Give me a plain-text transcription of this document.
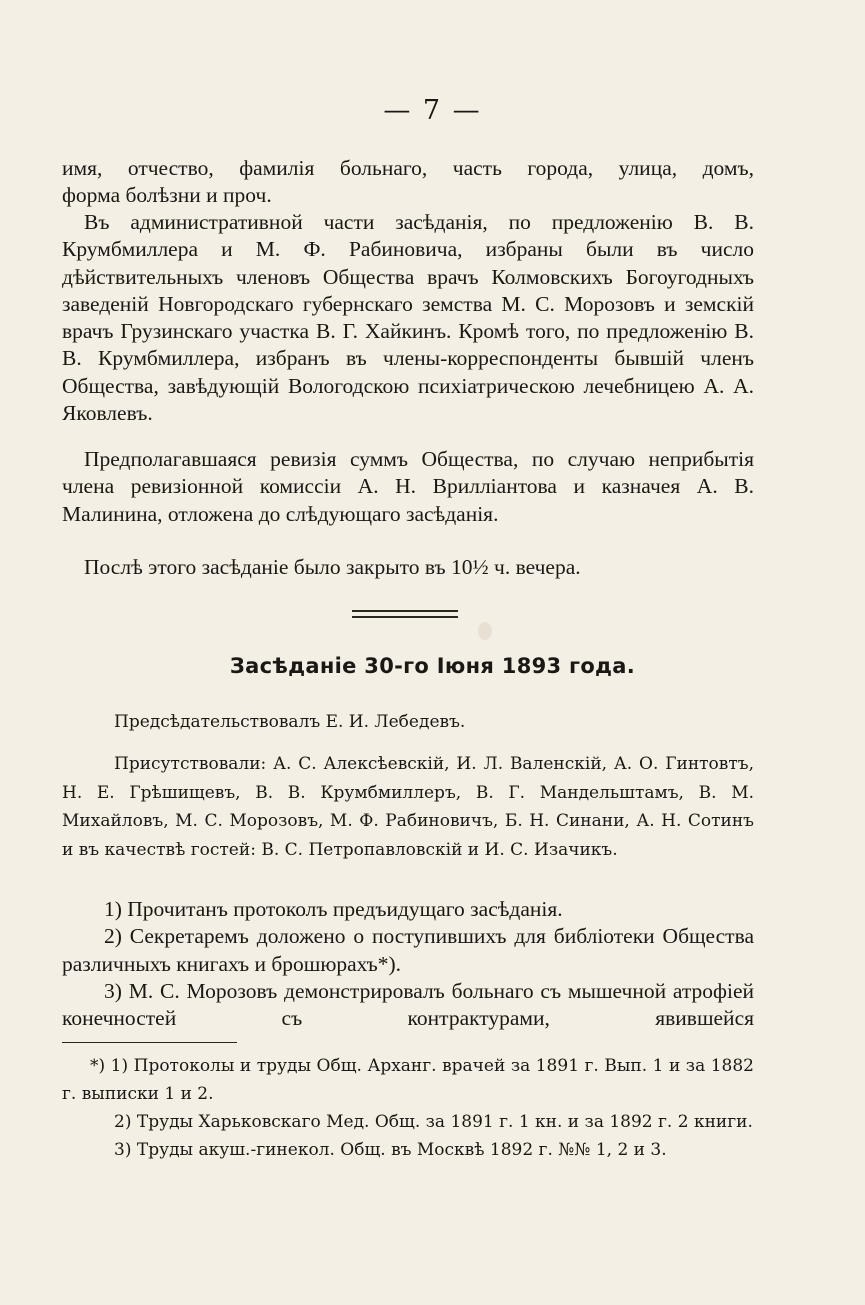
— 7 —

имя, отчество, фамилія больнаго, часть города, улица, домъ,

форма болѣзни и проч.

Въ административной части засѣданія, по предложенію В. В. Крумбмиллера и М. Ф. Рабиновича, избраны были въ число дѣйствительныхъ членовъ Общества врачъ Колмовскихъ Богоугодныхъ заведеній Новгородскаго губернскаго земства М. С. Морозовъ и земскій врачъ Грузинскаго участка В. Г. Хайкинъ. Кромѣ того, по предложенію В. В. Крумбмиллера, избранъ въ члены-корреспонденты бывшій членъ Общества, завѣдующій Вологодскою психіатрическою лечебницею А. А. Яковлевъ.

Предполагавшаяся ревизія суммъ Общества, по случаю неприбытія члена ревизіонной комиссіи А. Н. Врилліантова и казначея А. В. Малинина, отложена до слѣдующаго засѣданія.

Послѣ этого засѣданіе было закрыто въ 10½ ч. вечера.

Засѣданіе 30-го Іюня 1893 года.

Предсѣдательствовалъ Е. И. Лебедевъ.

Присутствовали: А. С. Алексѣевскій, И. Л. Валенскій, А. О. Гинтовтъ, Н. Е. Грѣшищевъ, В. В. Крумбмиллеръ, В. Г. Мандельштамъ, В. М. Михайловъ, М. С. Морозовъ, М. Ф. Рабиновичъ, Б. Н. Синани, А. Н. Сотинъ и въ качествѣ гостей: В. С. Петропавловскій и И. С. Изачикъ.

1) Прочитанъ протоколъ предъидущаго засѣданія.

2) Секретаремъ доложено о поступившихъ для библіотеки Общества различныхъ книгахъ и брошюрахъ*).

3) М. С. Морозовъ демонстрировалъ больнаго съ мышечной атрофіей конечностей съ контрактурами, явившейся

*) 1) Протоколы и труды Общ. Арханг. врачей за 1891 г. Вып. 1 и за 1882 г. выписки 1 и 2.

2) Труды Харьковскаго Мед. Общ. за 1891 г. 1 кн. и за 1892 г. 2 книги.

3) Труды акуш.-гинекол. Общ. въ Москвѣ 1892 г. №№ 1, 2 и 3.
